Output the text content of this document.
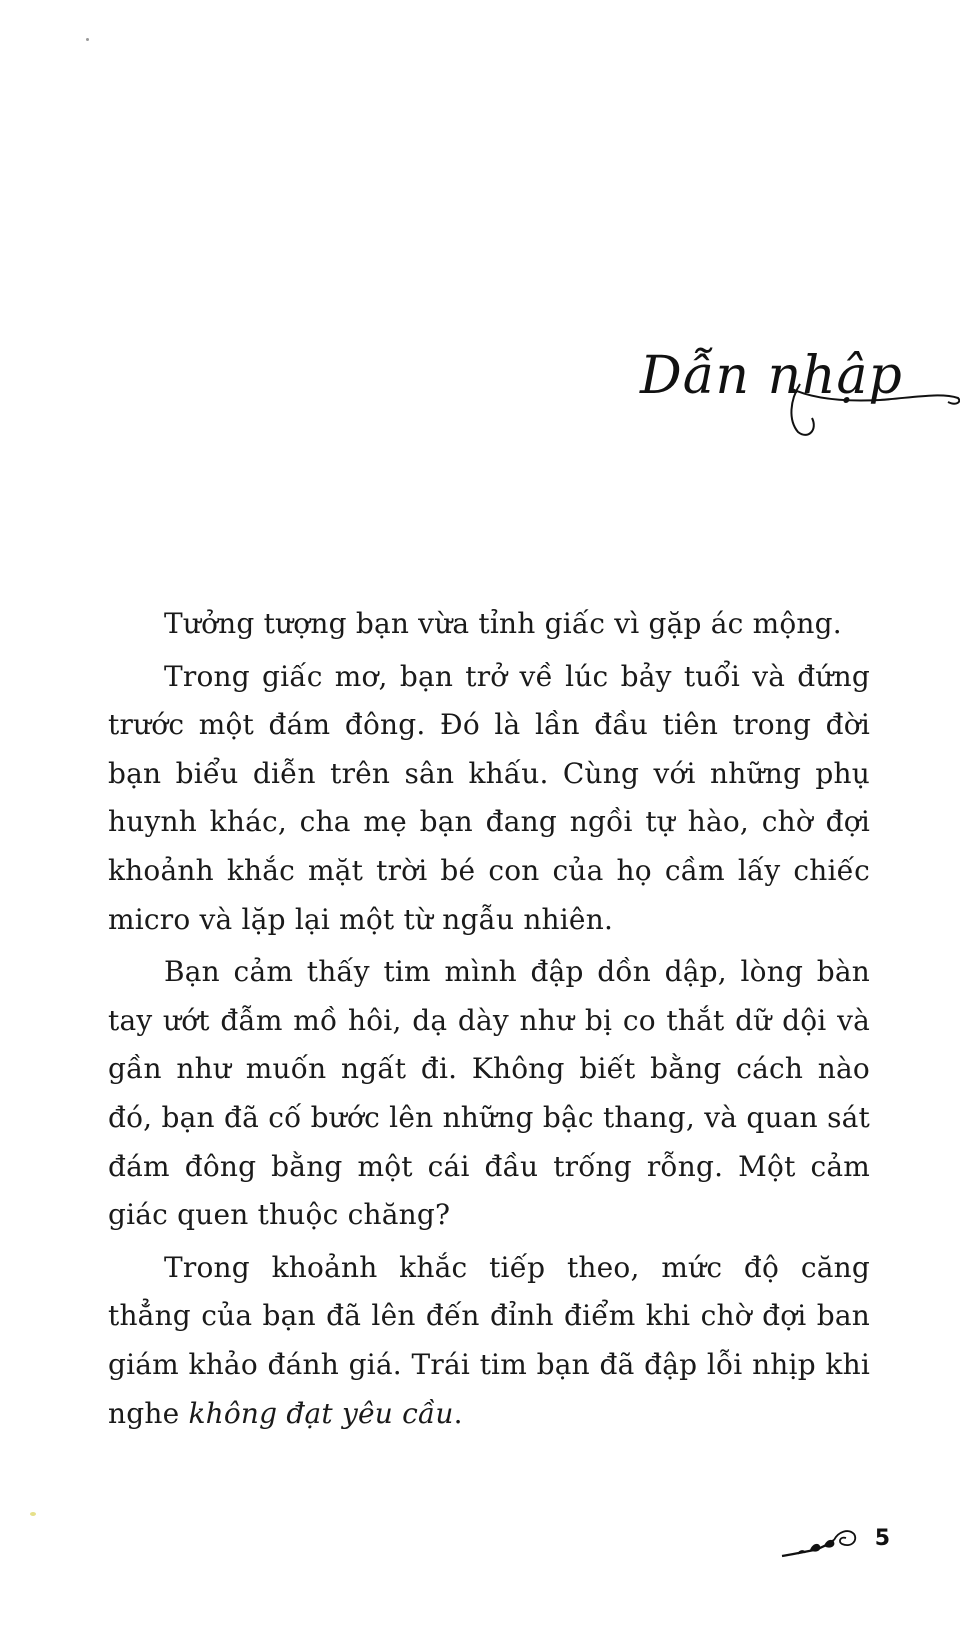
Dẫn nhập

Tưởng tượng bạn vừa tỉnh giấc vì gặp ác mộng.

Trong giấc mơ, bạn trở về lúc bảy tuổi và đứng trước một đám đông. Đó là lần đầu tiên trong đời bạn biểu diễn trên sân khấu. Cùng với những phụ huynh khác, cha mẹ bạn đang ngồi tự hào, chờ đợi khoảnh khắc mặt trời bé con của họ cầm lấy chiếc micro và lặp lại một từ ngẫu nhiên.

Bạn cảm thấy tim mình đập dồn dập, lòng bàn tay ướt đẫm mồ hôi, dạ dày như bị co thắt dữ dội và gần như muốn ngất đi. Không biết bằng cách nào đó, bạn đã cố bước lên những bậc thang, và quan sát đám đông bằng một cái đầu trống rỗng. Một cảm giác quen thuộc chăng?

Trong khoảnh khắc tiếp theo, mức độ căng thẳng của bạn đã lên đến đỉnh điểm khi chờ đợi ban giám khảo đánh giá. Trái tim bạn đã đập lỗi nhịp khi nghe không đạt yêu cầu.

5
